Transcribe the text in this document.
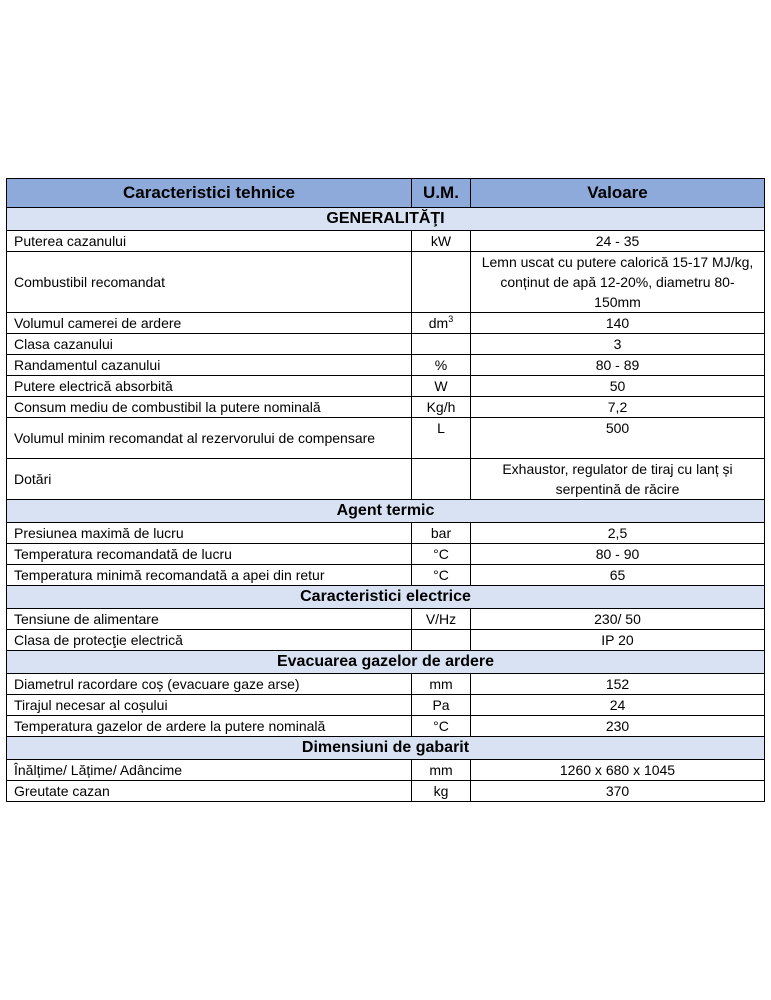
Caracteristici tehnice	U.M.	Valoare
GENERALITĂŢI		
Puterea cazanului	kW	24 - 35
Combustibil recomandat		Lemn uscat cu putere calorică 15-17 MJ/kg, conținut de apă 12-20%, diametru 80-150mm
Volumul camerei de ardere	$dm^3$	140
Clasa cazanului		3
Randamentul cazanului	%	80 - 89
Putere electrică absorbită	W	50
Consum mediu de combustibil la putere nominală	Kg/h	7,2
Volumul minim recomandat al rezervorului de compensare	L	500
Dotări		Exhaustor, regulator de tiraj cu lanț și serpentină de răcire
Agent termic		
Presiunea maximă de lucru	bar	2,5
Temperatura recomandată de lucru	°C	80 - 90
Temperatura minimă recomandată a apei din retur	°C	65
Caracteristici electrice		
Tensiune de alimentare	V/Hz	230/ 50
Clasa de protecţie electrică		IP 20
Evacuarea gazelor de ardere		
Diametrul racordare coș (evacuare gaze arse)	mm	152
Tirajul necesar al coșului	Pa	24
Temperatura gazelor de ardere la putere nominală	°C	230
Dimensiuni de gabarit		
Înălțime/ Lățime/ Adâncime	mm	1260 x 680 x 1045
Greutate cazan	kg	370
